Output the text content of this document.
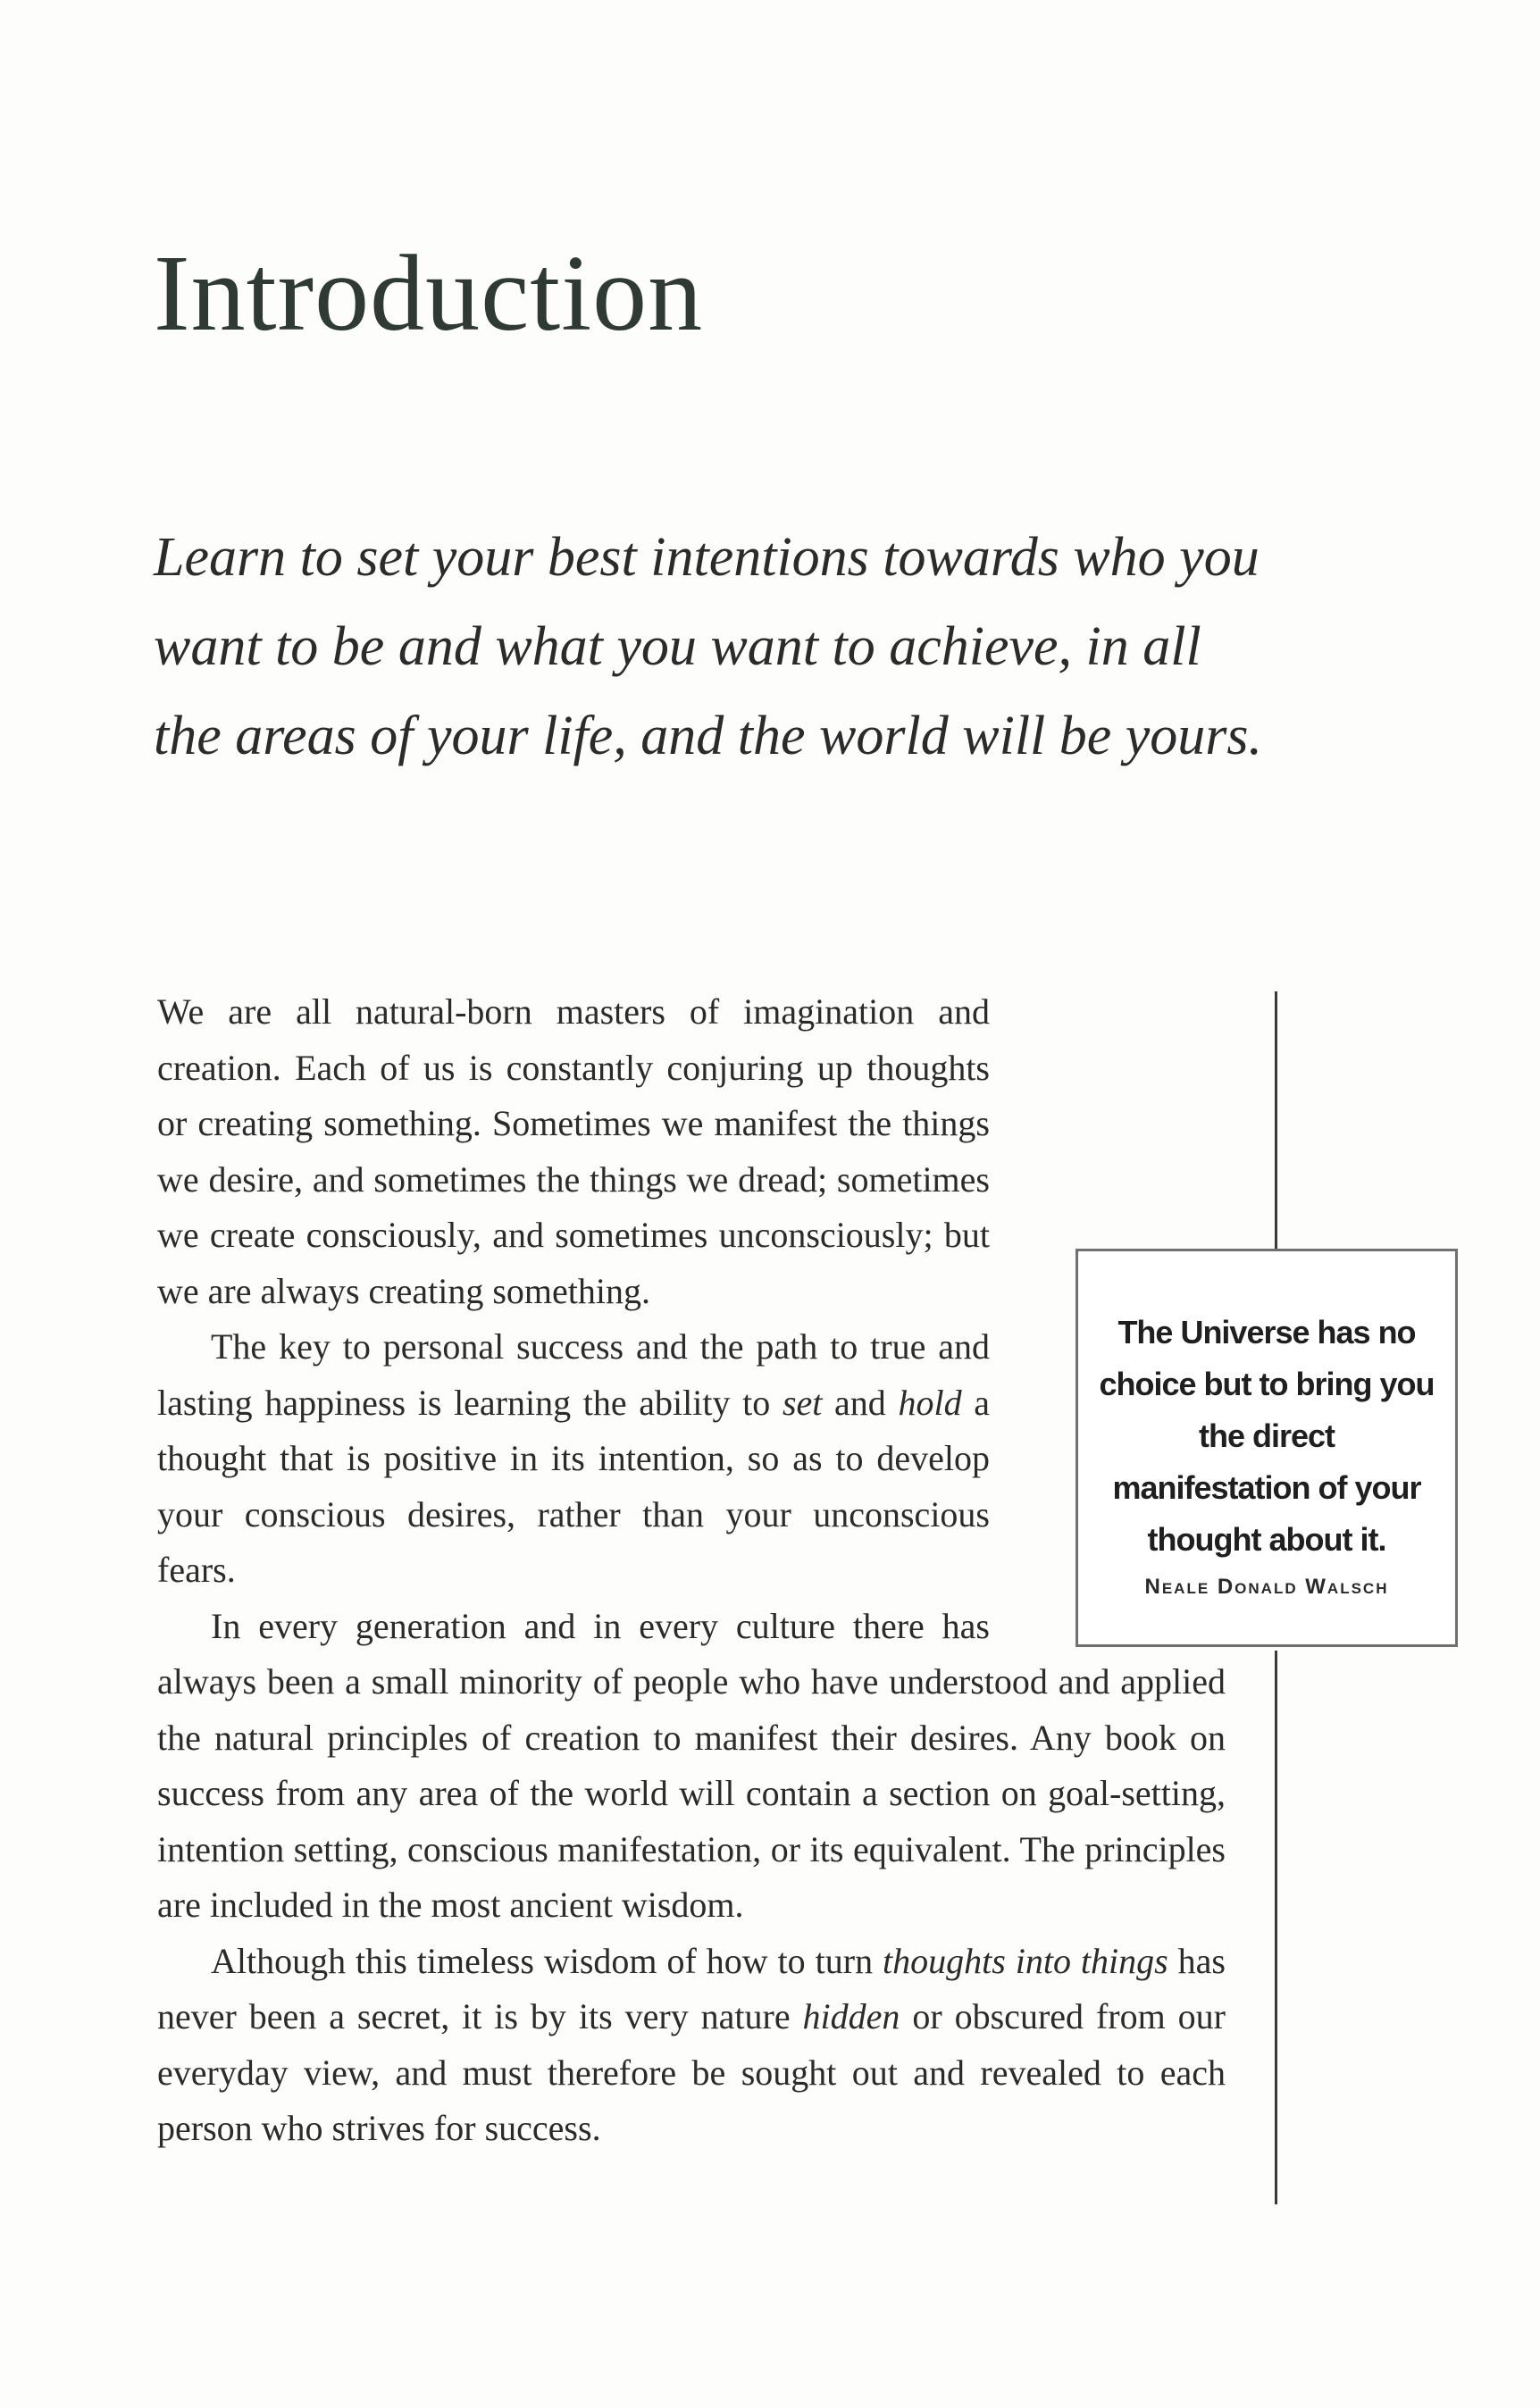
Introduction

Learn to set your best intentions towards who you want to be and what you want to achieve, in all the areas of your life, and the world will be yours.

We are all natural-born masters of imagination and creation. Each of us is constantly conjuring up thoughts or creating something. Sometimes we manifest the things we desire, and sometimes the things we dread; sometimes we create consciously, and sometimes unconsciously; but we are always creating something.

The key to personal success and the path to true and lasting happiness is learning the ability to set and hold a thought that is positive in its intention, so as to develop your conscious desires, rather than your unconscious fears.

In every generation and in every culture there has always been a small minority of people who have understood and applied the natural principles of creation to manifest their desires. Any book on success from any area of the world will contain a section on goal-setting, intention setting, conscious manifestation, or its equivalent. The principles are included in the most ancient wisdom.

Although this timeless wisdom of how to turn thoughts into things has never been a secret, it is by its very nature hidden or obscured from our everyday view, and must therefore be sought out and revealed to each person who strives for success.

The Universe has no choice but to bring you the direct manifestation of your thought about it.

Neale Donald Walsch
